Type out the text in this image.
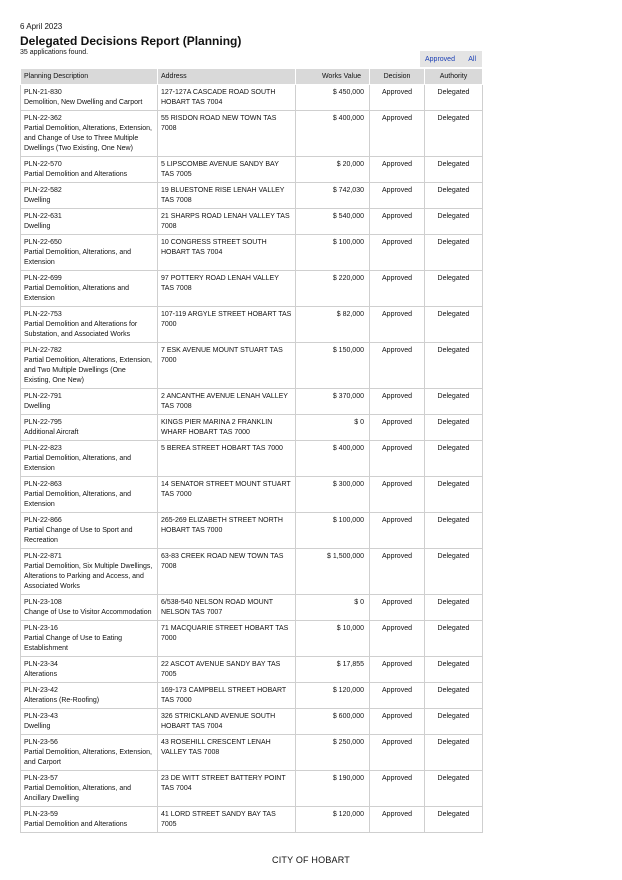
6 April 2023
Delegated Decisions Report (Planning)
35 applications found.
Approved All
Planning Description	Address	Works Value	Decision	Authority

PLN-21-830
Demolition, New Dwelling and Carport	127-127A CASCADE ROAD SOUTH HOBART TAS 7004	$ 450,000	Approved	Delegated

PLN-22-362
Partial Demolition, Alterations, Extension, and Change of Use to Three Multiple Dwellings (Two Existing, One New)	55 RISDON ROAD NEW TOWN TAS 7008	$ 400,000	Approved	Delegated

PLN-22-570
Partial Demolition and Alterations	5 LIPSCOMBE AVENUE SANDY BAY TAS 7005	$ 20,000	Approved	Delegated

PLN-22-582
Dwelling	19 BLUESTONE RISE LENAH VALLEY TAS 7008	$ 742,030	Approved	Delegated

PLN-22-631
Dwelling	21 SHARPS ROAD LENAH VALLEY TAS 7008	$ 540,000	Approved	Delegated

PLN-22-650
Partial Demolition, Alterations, and Extension	10 CONGRESS STREET SOUTH HOBART TAS 7004	$ 100,000	Approved	Delegated

PLN-22-699
Partial Demolition, Alterations and Extension	97 POTTERY ROAD LENAH VALLEY TAS 7008	$ 220,000	Approved	Delegated

PLN-22-753
Partial Demolition and Alterations for Substation, and Associated Works	107-119 ARGYLE STREET HOBART TAS 7000	$ 82,000	Approved	Delegated

PLN-22-782
Partial Demolition, Alterations, Extension, and Two Multiple Dwellings (One Existing, One New)	7 ESK AVENUE MOUNT STUART TAS 7000	$ 150,000	Approved	Delegated

PLN-22-791
Dwelling	2 ANCANTHE AVENUE LENAH VALLEY TAS 7008	$ 370,000	Approved	Delegated

PLN-22-795
Additional Aircraft	KINGS PIER MARINA 2 FRANKLIN WHARF HOBART TAS 7000	$ 0	Approved	Delegated

PLN-22-823
Partial Demolition, Alterations, and Extension	5 BEREA STREET HOBART TAS 7000	$ 400,000	Approved	Delegated

PLN-22-863
Partial Demolition, Alterations, and Extension	14 SENATOR STREET MOUNT STUART TAS 7000	$ 300,000	Approved	Delegated

PLN-22-866
Partial Change of Use to Sport and Recreation	265-269 ELIZABETH STREET NORTH HOBART TAS 7000	$ 100,000	Approved	Delegated

PLN-22-871
Partial Demolition, Six Multiple Dwellings, Alterations to Parking and Access, and Associated Works	63-83 CREEK ROAD NEW TOWN TAS 7008	$ 1,500,000	Approved	Delegated

PLN-23-108
Change of Use to Visitor Accommodation	6/538-540 NELSON ROAD MOUNT NELSON TAS 7007	$ 0	Approved	Delegated

PLN-23-16
Partial Change of Use to Eating Establishment	71 MACQUARIE STREET HOBART TAS 7000	$ 10,000	Approved	Delegated

PLN-23-34
Alterations	22 ASCOT AVENUE SANDY BAY TAS 7005	$ 17,855	Approved	Delegated

PLN-23-42
Alterations (Re-Roofing)	169-173 CAMPBELL STREET HOBART TAS 7000	$ 120,000	Approved	Delegated

PLN-23-43
Dwelling	326 STRICKLAND AVENUE SOUTH HOBART TAS 7004	$ 600,000	Approved	Delegated

PLN-23-56
Partial Demolition, Alterations, Extension, and Carport	43 ROSEHILL CRESCENT LENAH VALLEY TAS 7008	$ 250,000	Approved	Delegated

PLN-23-57
Partial Demolition, Alterations, and Ancillary Dwelling	23 DE WITT STREET BATTERY POINT TAS 7004	$ 190,000	Approved	Delegated

PLN-23-59
Partial Demolition and Alterations	41 LORD STREET SANDY BAY TAS 7005	$ 120,000	Approved	Delegated
CITY OF HOBART
